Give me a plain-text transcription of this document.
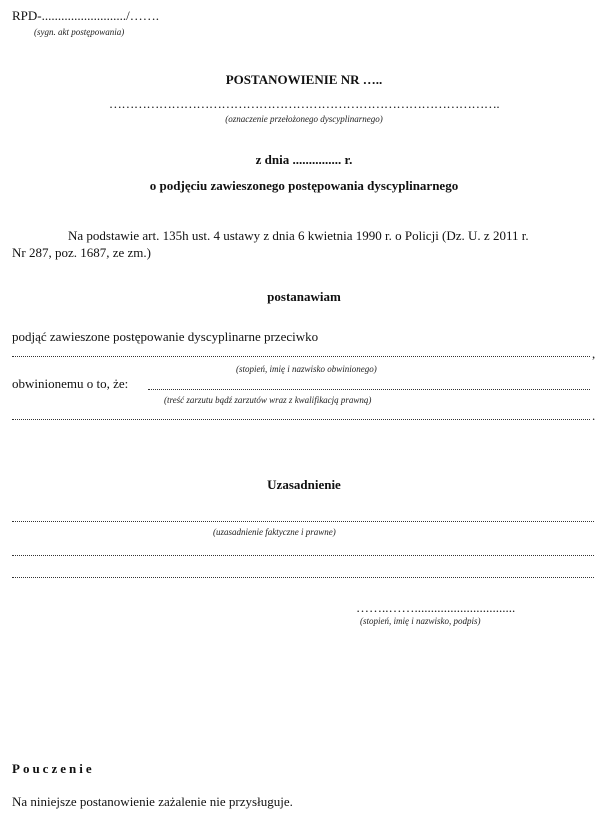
RPD-........................../…….
(sygn. akt postępowania)
POSTANOWIENIE NR …..
………………………………………………………………………………….
(oznaczenie przełożonego dyscyplinarnego)
z dnia ............... r.
o podjęciu zawieszonego postępowania dyscyplinarnego
Na podstawie art. 135h ust. 4 ustawy z dnia 6 kwietnia 1990 r. o Policji (Dz. U. z 2011 r.
Nr 287, poz. 1687, ze zm.)
postanawiam
podjąć zawieszone postępowanie dyscyplinarne przeciwko
,
(stopień, imię i nazwisko obwinionego)
obwinionemu o to, że:
(treść zarzutu bądź zarzutów wraz z kwalifikacją prawną)
.
Uzasadnienie
(uzasadnienie faktyczne i prawne)
……..……...............................
(stopień, imię i nazwisko, podpis)
Pouczenie
Na niniejsze postanowienie zażalenie nie przysługuje.
